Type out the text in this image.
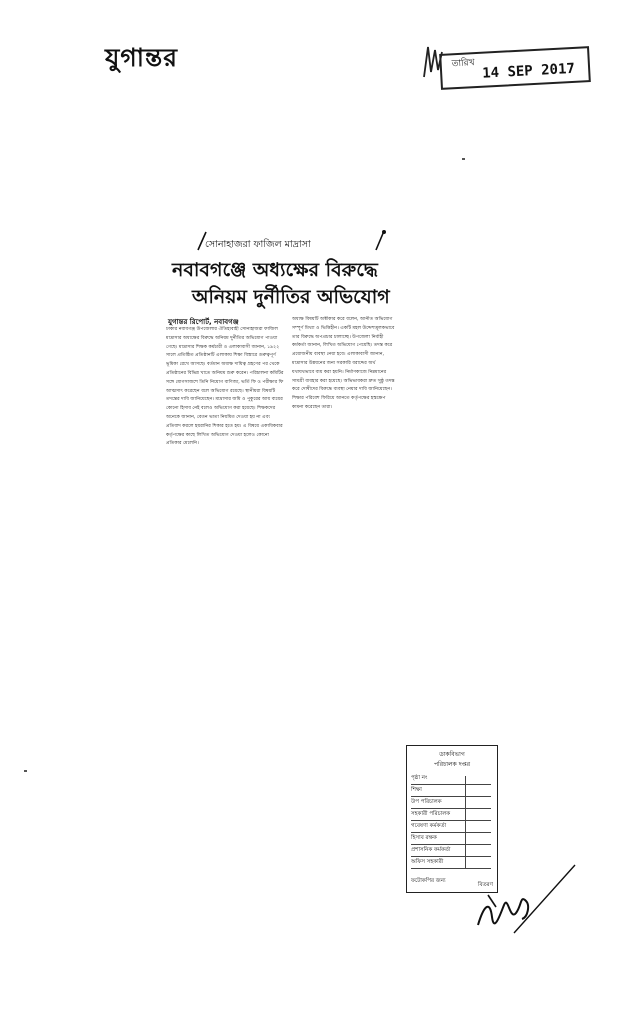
যুগান্তর	তারিখ 14 SEP 2017
সোনাহাজরা ফাজিল মাদ্রাসা
নবাবগঞ্জে অধ্যক্ষের বিরুদ্ধে
অনিয়ম দুর্নীতির অভিযোগ
যুগান্তর রিপোর্ট, নবাবগঞ্জ

ঢাকার নবাবগঞ্জ উপজেলার ঐতিহ্যবাহী সোনাহাজরা ফাজিল মাদ্রাসার অধ্যক্ষের বিরুদ্ধে অনিয়ম দুর্নীতির অভিযোগ পাওয়া গেছে। মাদ্রাসার শিক্ষক কর্মচারী ও এলাকাবাসী জানান, ১৯২২ সালে প্রতিষ্ঠিত প্রতিষ্ঠানটি এলাকায় শিক্ষা বিস্তারে গুরুত্বপূর্ণ ভূমিকা রেখে আসছে। বর্তমান অধ্যক্ষ দায়িত্ব গ্রহণের পর থেকে প্রতিষ্ঠানের বিভিন্ন খাতে অনিয়ম শুরু করেন। পরিচালনা কমিটির সঙ্গে যোগসাজশে তিনি নিয়োগ বাণিজ্য, ভর্তি ফি ও পরীক্ষার ফি আত্মসাৎ করেছেন বলে অভিযোগ রয়েছে। স্থানীয়রা বিষয়টি তদন্তের দাবি জানিয়েছেন। মাদ্রাসার জমি ও পুকুরের আয় ব্যয়ের কোনো হিসাব নেই বলেও অভিযোগ করা হয়েছে। শিক্ষকদের অনেকে জানান, বেতন ভাতা নিয়মিত দেওয়া হয় না এবং প্রতিবাদ করলে হয়রানির শিকার হতে হয়। এ বিষয়ে একাধিকবার কর্তৃপক্ষের কাছে লিখিত অভিযোগ দেওয়া হলেও কোনো প্রতিকার মেলেনি।

অধ্যক্ষ বিষয়টি অস্বীকার করে বলেন, আনীত অভিযোগ সম্পূর্ণ মিথ্যা ও ভিত্তিহীন। একটি মহল উদ্দেশ্যমূলকভাবে তার বিরুদ্ধে অপপ্রচার চালাচ্ছে। উপজেলা নির্বাহী কর্মকর্তা জানান, লিখিত অভিযোগ পেয়েছি। তদন্ত করে প্রয়োজনীয় ব্যবস্থা নেয়া হবে। এলাকাবাসী জানান, মাদ্রাসার উন্নয়নের জন্য সরকারি বরাদ্দের অর্থ যথাযথভাবে ব্যয় করা হয়নি। নির্মাণকাজে নিম্নমানের সামগ্রী ব্যবহার করা হয়েছে। অভিভাবকরা দ্রুত সুষ্ঠু তদন্ত করে দোষীদের বিরুদ্ধে ব্যবস্থা নেয়ার দাবি জানিয়েছেন। শিক্ষার পরিবেশ ফিরিয়ে আনতে কর্তৃপক্ষের হস্তক্ষেপ কামনা করেছেন তারা।

ডাকবিভাগ
পরিচালক দপ্তর
পৃষ্ঠা নং
শিক্ষা
উপ পরিচালক
সহকারী পরিচালক
গবেষণা কর্মকর্তা
হিসাব রক্ষক
প্রশাসনিক কর্মকর্তা
অফিস সহকারী
ফটোকপির জন্য
বিতরণ
